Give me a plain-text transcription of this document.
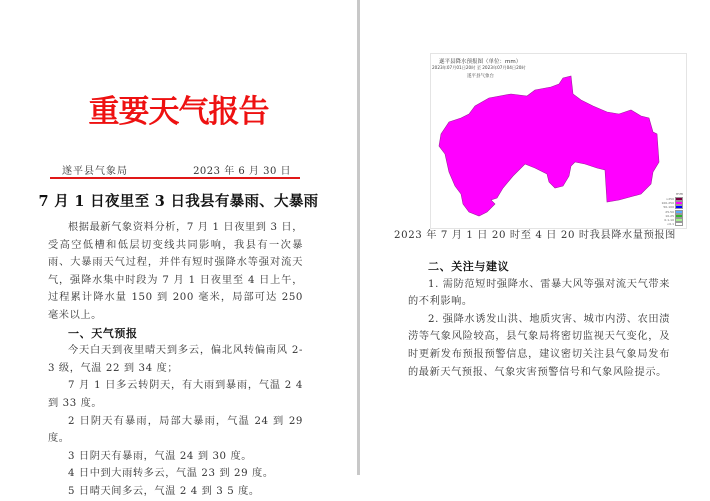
重要天气报告
遂平县气象局	2023 年 6 月 30 日
7 月 1 日夜里至 3 日我县有暴雨、大暴雨

根据最新气象资料分析，7 月 1 日夜里到 3 日，受高空低槽和低层切变线共同影响，我县有一次暴雨、大暴雨天气过程，并伴有短时强降水等强对流天气，强降水集中时段为 7 月 1 日夜里至 4 日上午，过程累计降水量 150 到 200 毫米，局部可达 250 毫米以上。

一、天气预报

今天白天到夜里晴天到多云，偏北风转偏南风 2-3 级，气温 22 到 34 度；

7 月 1 日多云转阴天，有大雨到暴雨，气温 2 4 到 33 度。

2 日阴天有暴雨，局部大暴雨，气温 24 到 29 度。

3 日阴天有暴雨，气温 24 到 30 度。

4 日中到大雨转多云，气温 23 到 29 度。

5 日晴天间多云，气温 2 4 到 3 5 度。

遂平县降水预报图（单位：mm）
2023年07月01日20时 至 2023年07月04日20时
遂平县气象台
mm
>250
100-250
50-100
25-50
10-25
0.1-10
<0.1
2023 年 7 月 1 日 20 时至 4 日 20 时我县降水量预报图

二、关注与建议

1. 需防范短时强降水、雷暴大风等强对流天气带来的不利影响。

2. 强降水诱发山洪、地质灾害、城市内涝、农田渍涝等气象风险较高，县气象局将密切监视天气变化，及时更新发布预报预警信息，建议密切关注县气象局发布的最新天气预报、气象灾害预警信号和气象风险提示。
